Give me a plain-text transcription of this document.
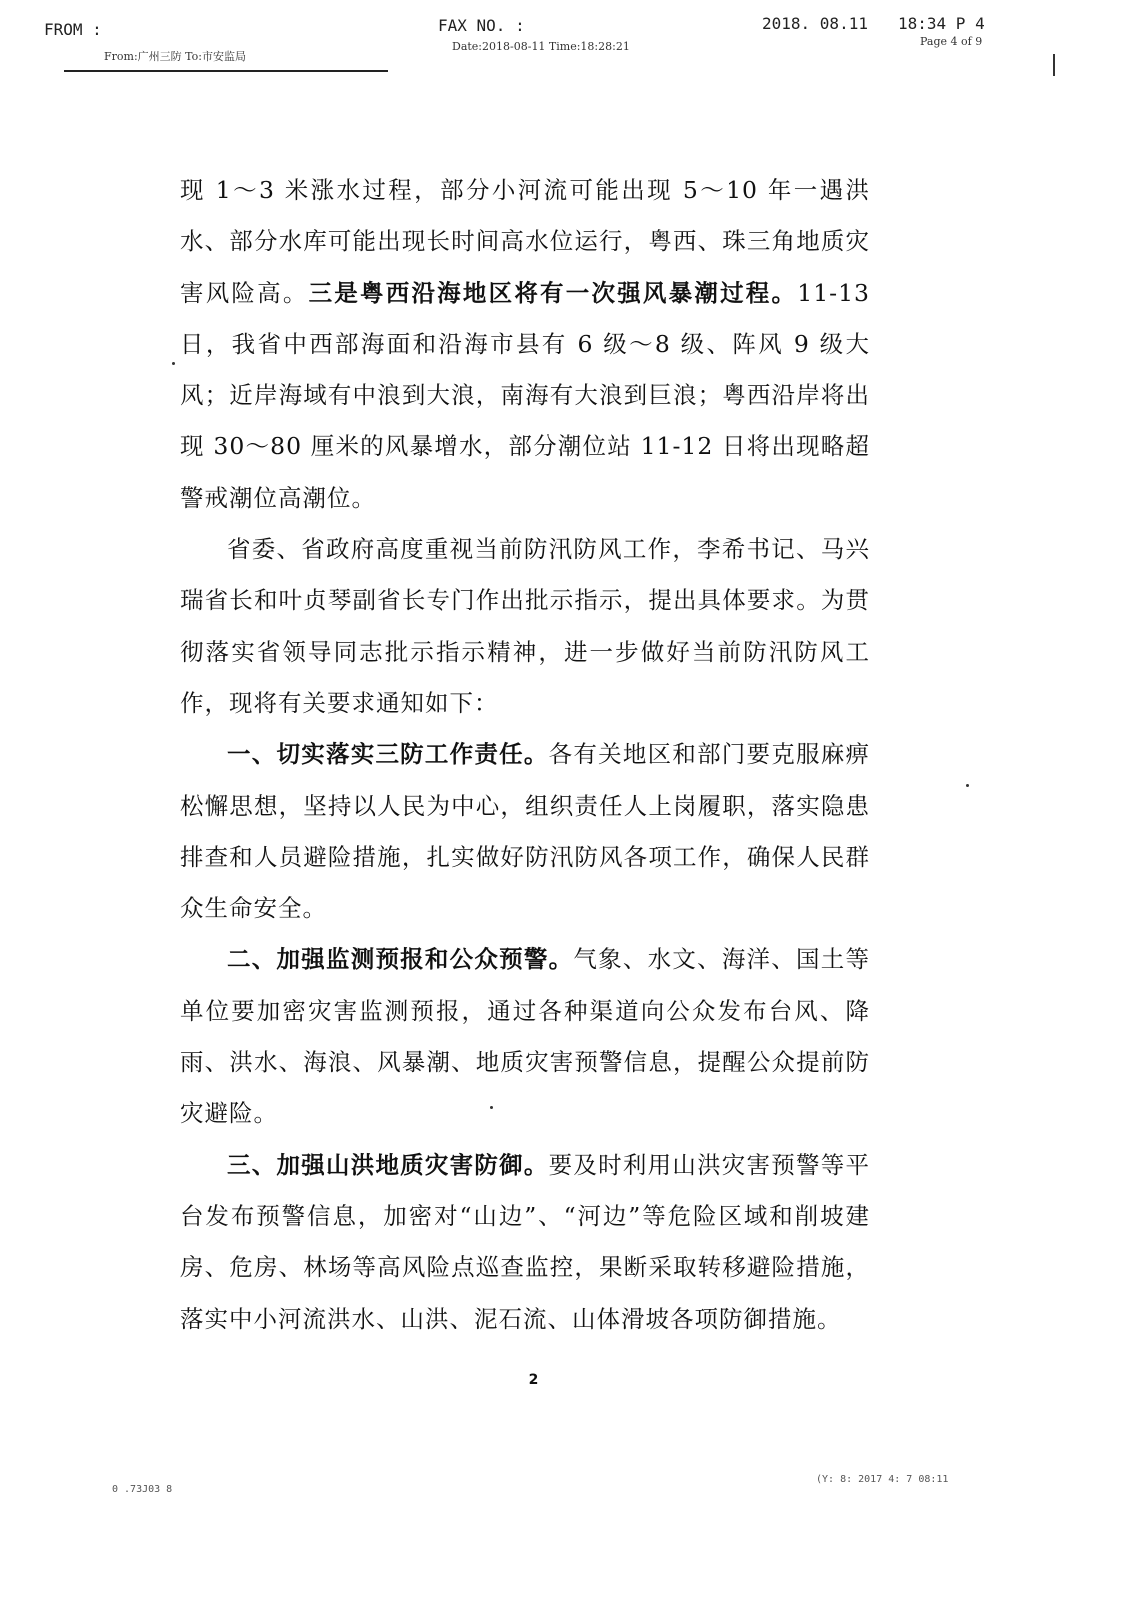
FROM :
From:广州三防 To:市安监局
FAX NO. :
Date:2018-08-11 Time:18:28:21
2018. 08.11 18:34 P 4
Page 4 of 9

现 1～3 米涨水过程，部分小河流可能出现 5～10 年一遇洪水、部分水库可能出现长时间高水位运行，粤西、珠三角地质灾害风险高。三是粤西沿海地区将有一次强风暴潮过程。11-13 日，我省中西部海面和沿海市县有 6 级～8 级、阵风 9 级大风；近岸海域有中浪到大浪，南海有大浪到巨浪；粤西沿岸将出现 30～80 厘米的风暴增水，部分潮位站 11-12 日将出现略超警戒潮位高潮位。

省委、省政府高度重视当前防汛防风工作，李希书记、马兴瑞省长和叶贞琴副省长专门作出批示指示，提出具体要求。为贯彻落实省领导同志批示指示精神，进一步做好当前防汛防风工作，现将有关要求通知如下：

一、切实落实三防工作责任。各有关地区和部门要克服麻痹松懈思想，坚持以人民为中心，组织责任人上岗履职，落实隐患排查和人员避险措施，扎实做好防汛防风各项工作，确保人民群众生命安全。

二、加强监测预报和公众预警。气象、水文、海洋、国土等单位要加密灾害监测预报，通过各种渠道向公众发布台风、降雨、洪水、海浪、风暴潮、地质灾害预警信息，提醒公众提前防灾避险。

三、加强山洪地质灾害防御。要及时利用山洪灾害预警等平台发布预警信息，加密对“山边”、“河边”等危险区域和削坡建房、危房、林场等高风险点巡查监控，果断采取转移避险措施，落实中小河流洪水、山洪、泥石流、山体滑坡各项防御措施。

2
0 .73J03 8
(Y: 8: 2017 4: 7 08:11
